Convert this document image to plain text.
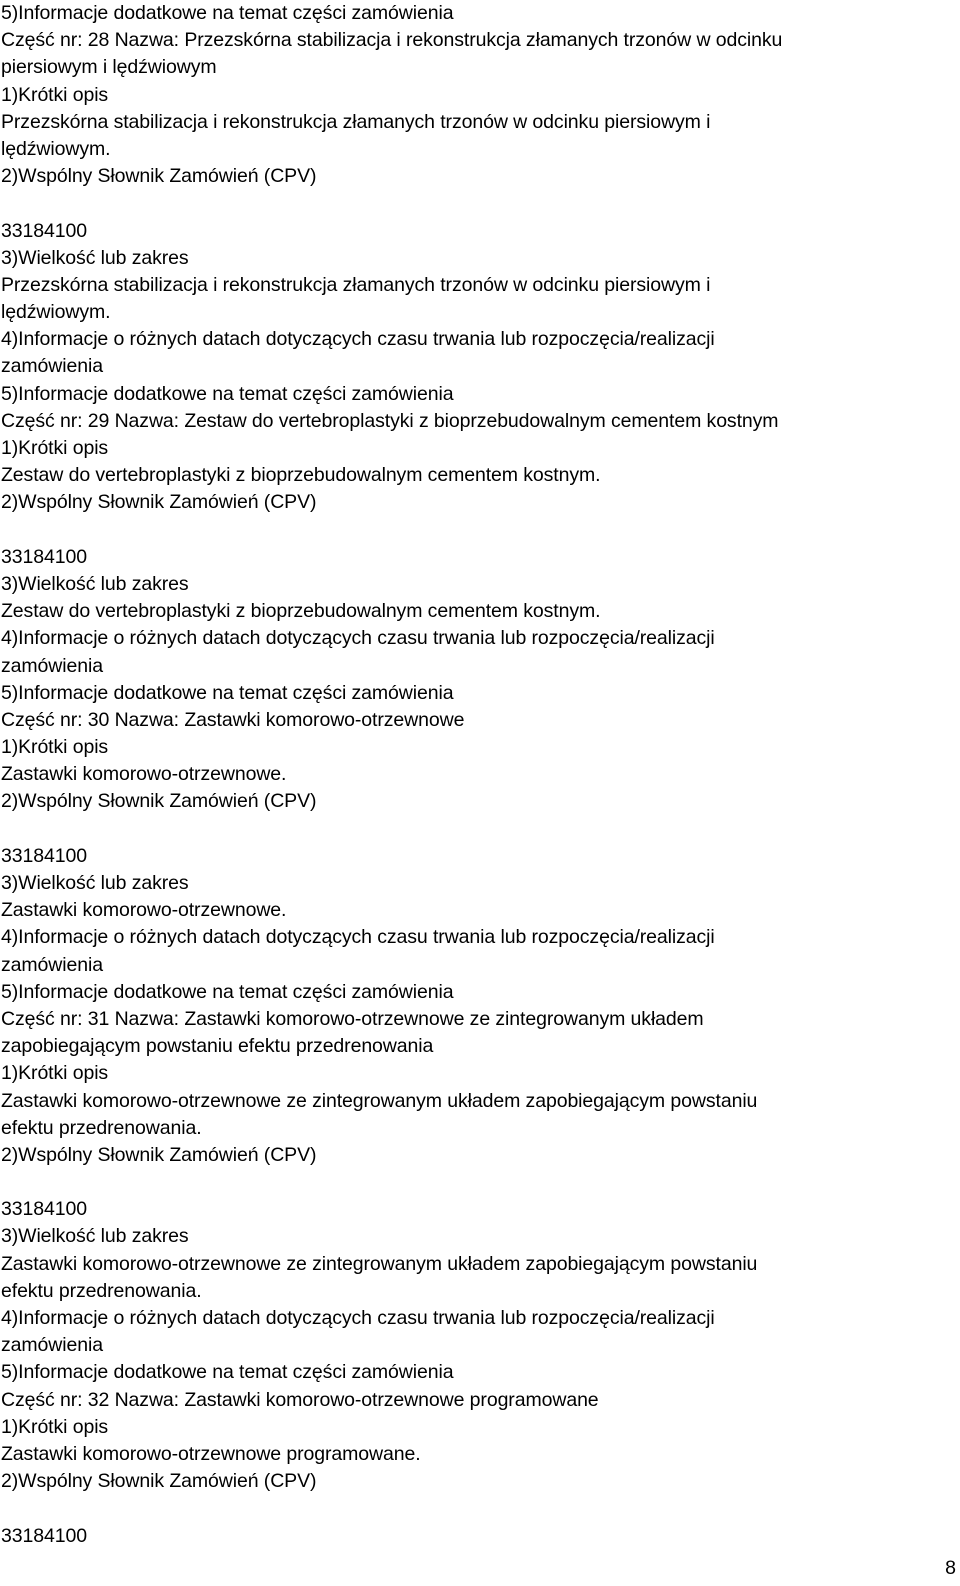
5)Informacje dodatkowe na temat części zamówienia
Część nr: 28 Nazwa: Przezskórna stabilizacja i rekonstrukcja złamanych trzonów w odcinku
piersiowym i lędźwiowym
1)Krótki opis
Przezskórna stabilizacja i rekonstrukcja złamanych trzonów w odcinku piersiowym i
lędźwiowym.
2)Wspólny Słownik Zamówień (CPV)
33184100
3)Wielkość lub zakres
Przezskórna stabilizacja i rekonstrukcja złamanych trzonów w odcinku piersiowym i
lędźwiowym.
4)Informacje o różnych datach dotyczących czasu trwania lub rozpoczęcia/realizacji
zamówienia
5)Informacje dodatkowe na temat części zamówienia
Część nr: 29 Nazwa: Zestaw do vertebroplastyki z bioprzebudowalnym cementem kostnym
1)Krótki opis
Zestaw do vertebroplastyki z bioprzebudowalnym cementem kostnym.
2)Wspólny Słownik Zamówień (CPV)
33184100
3)Wielkość lub zakres
Zestaw do vertebroplastyki z bioprzebudowalnym cementem kostnym.
4)Informacje o różnych datach dotyczących czasu trwania lub rozpoczęcia/realizacji
zamówienia
5)Informacje dodatkowe na temat części zamówienia
Część nr: 30 Nazwa: Zastawki komorowo-otrzewnowe
1)Krótki opis
Zastawki komorowo-otrzewnowe.
2)Wspólny Słownik Zamówień (CPV)
33184100
3)Wielkość lub zakres
Zastawki komorowo-otrzewnowe.
4)Informacje o różnych datach dotyczących czasu trwania lub rozpoczęcia/realizacji
zamówienia
5)Informacje dodatkowe na temat części zamówienia
Część nr: 31 Nazwa: Zastawki komorowo-otrzewnowe ze zintegrowanym układem
zapobiegającym powstaniu efektu przedrenowania
1)Krótki opis
Zastawki komorowo-otrzewnowe ze zintegrowanym układem zapobiegającym powstaniu
efektu przedrenowania.
2)Wspólny Słownik Zamówień (CPV)
33184100
3)Wielkość lub zakres
Zastawki komorowo-otrzewnowe ze zintegrowanym układem zapobiegającym powstaniu
efektu przedrenowania.
4)Informacje o różnych datach dotyczących czasu trwania lub rozpoczęcia/realizacji
zamówienia
5)Informacje dodatkowe na temat części zamówienia
Część nr: 32 Nazwa: Zastawki komorowo-otrzewnowe programowane
1)Krótki opis
Zastawki komorowo-otrzewnowe programowane.
2)Wspólny Słownik Zamówień (CPV)
33184100
8
